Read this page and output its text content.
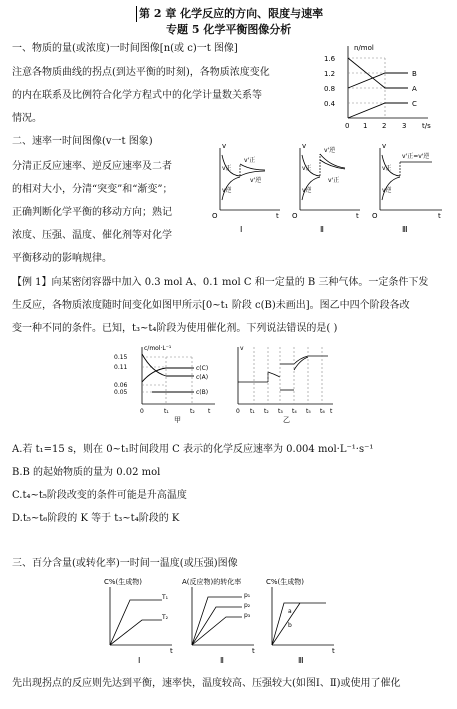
第 2 章 化学反应的方向、限度与速率
专题 5 化学平衡图像分析
一、物质的量(或浓度)一时间图像[n(或 c)一t 图像]
注意各物质曲线的拐点(到达平衡的时刻)，各物质浓度变化
的内在联系及比例符合化学方程式中的化学计量数关系等
情况。
n/mol
t/s
1.6
1.2
0.8
0.4
0 1 2 3
B
A
C
二、速率一时间图像(v一t 图象)
分清正反应速率、逆反应速率及二者
的相对大小，分清“突变”和“渐变”；
正确判断化学平衡的移动方向；熟记
浓度、压强、温度、催化剂等对化学
平衡移动的影响规律。
v
O	t
v正
v逆
v'正
v'逆
Ⅰ
v
O	t
v正
v逆
v'逆
v'正
Ⅱ
v
O	t
v正
v逆
v'正=v'逆
Ⅲ
【例 1】向某密闭容器中加入 0.3 mol A、0.1 mol C 和一定量的 B 三种气体。一定条件下发
生反应，各物质浓度随时间变化如图甲所示[0~t₁ 阶段 c(B)未画出]。图乙中四个阶段各改
变一种不同的条件。已知，t₃~t₄阶段为使用催化剂。下列说法错误的是( )
c/mol·L⁻¹
0.15
0.11
0.06
0.05
0	t₁	t₂ t
c(C)
c(A)
c(B)
甲
v
0 t₁ t₂ t₃ t₄ t₅ t₆ t
乙
A.若 t₁=15 s，则在 0~t₁时间段用 C 表示的化学反应速率为 0.004 mol·L⁻¹·s⁻¹
B.B 的起始物质的量为 0.02 mol
C.t₄~t₅阶段改变的条件可能是升高温度
D.t₅~t₆阶段的 K 等于 t₃~t₄阶段的 K
三、百分含量(或转化率)一时间一温度(或压强)图像
C%(生成物)
t
T₁
T₂
Ⅰ
A(反应物)的转化率
t
p₁
p₂
p₃
Ⅱ
C%(生成物)
t
a
b
Ⅲ
先出现拐点的反应则先达到平衡，速率快，温度较高、压强较大(如图Ⅰ、Ⅱ)或使用了催化
